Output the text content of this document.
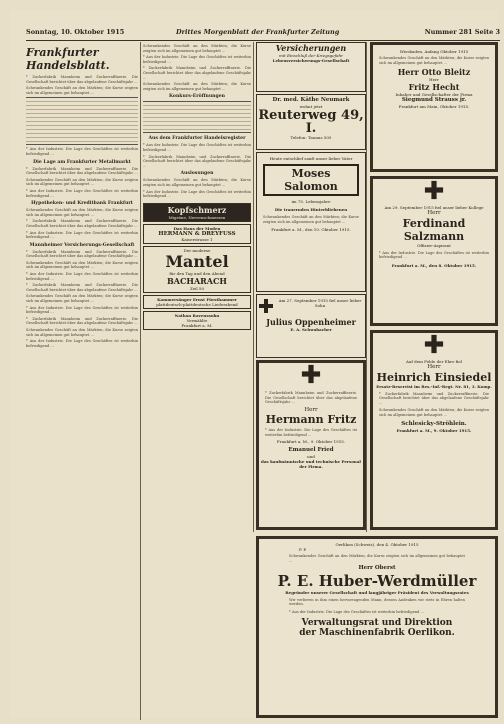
Sonntag, 10. Oktober 1915	Drittes Morgenblatt der Frankfurter Zeitung	Nummer 281 Seite 3
Frankfurter Handelsblatt.

* Zuckerfabrik Mannheim und Zuckerraffinerie. Die Gesellschaft berichtet über das abgelaufene Geschäftsjahr ...

Schwankendes Geschäft an den Märkten; die Kurse zeigten sich im allgemeinen gut behauptet ...

* Aus der Industrie. Die Lage des Geschäftes ist weiterhin befriedigend ...

Die Lage am Frankfurter Metallmarkt

* Zuckerfabrik Mannheim und Zuckerraffinerie. Die Gesellschaft berichtet über das abgelaufene Geschäftsjahr ...

Schwankendes Geschäft an den Märkten; die Kurse zeigten sich im allgemeinen gut behauptet ...

* Aus der Industrie. Die Lage des Geschäftes ist weiterhin befriedigend ...

Hypotheken- und Kreditbank Frankfurt

Schwankendes Geschäft an den Märkten; die Kurse zeigten sich im allgemeinen gut behauptet ...

* Zuckerfabrik Mannheim und Zuckerraffinerie. Die Gesellschaft berichtet über das abgelaufene Geschäftsjahr ...

* Aus der Industrie. Die Lage des Geschäftes ist weiterhin befriedigend ...

Mannheimer Versicherungs-Gesellschaft

* Zuckerfabrik Mannheim und Zuckerraffinerie. Die Gesellschaft berichtet über das abgelaufene Geschäftsjahr ...

Schwankendes Geschäft an den Märkten; die Kurse zeigten sich im allgemeinen gut behauptet ...

* Aus der Industrie. Die Lage des Geschäftes ist weiterhin befriedigend ...

* Zuckerfabrik Mannheim und Zuckerraffinerie. Die Gesellschaft berichtet über das abgelaufene Geschäftsjahr ...

Schwankendes Geschäft an den Märkten; die Kurse zeigten sich im allgemeinen gut behauptet ...

* Aus der Industrie. Die Lage des Geschäftes ist weiterhin befriedigend ...

* Zuckerfabrik Mannheim und Zuckerraffinerie. Die Gesellschaft berichtet über das abgelaufene Geschäftsjahr ...

Schwankendes Geschäft an den Märkten; die Kurse zeigten sich im allgemeinen gut behauptet ...

* Aus der Industrie. Die Lage des Geschäftes ist weiterhin befriedigend ...

Schwankendes Geschäft an den Märkten; die Kurse zeigten sich im allgemeinen gut behauptet ...

* Aus der Industrie. Die Lage des Geschäftes ist weiterhin befriedigend ...

* Zuckerfabrik Mannheim und Zuckerraffinerie. Die Gesellschaft berichtet über das abgelaufene Geschäftsjahr ...

Schwankendes Geschäft an den Märkten; die Kurse zeigten sich im allgemeinen gut behauptet ...

Konkurs-Eröffnungen
Aus dem Frankfurter Handelsregister

* Aus der Industrie. Die Lage des Geschäftes ist weiterhin befriedigend ...

* Zuckerfabrik Mannheim und Zuckerraffinerie. Die Gesellschaft berichtet über das abgelaufene Geschäftsjahr ...

Auslosungen

Schwankendes Geschäft an den Märkten; die Kurse zeigten sich im allgemeinen gut behauptet ...

* Aus der Industrie. Die Lage des Geschäftes ist weiterhin befriedigend ...

Kopfschmerz
Migräne, Nervenschmerzen
Das Haus der Moden
HERMANN & DREYFUSS
Kaiserstrasse 1
Der moderne
Mantel
für den Tag und den Abend
BACHARACH
Zeil 50
Kammersänger Ernst Fürsthammer
plattdeutsch-plattdeutsche Liederabend
Nathan Ravenssohn
Vermählte
Frankfurt a. M.
Versicherungen
mit Einschluß der Kriegsgefahr
Lebensversicherungs-Gesellschaft
Dr. med. Käthe Neumark
wohnt jetzt
Reuterweg 49, I.
Telefon: Taunus 505
Heute entschlief sanft unser lieber Vater
Moses Salomon
im 75. Lebensjahre
Die trauernden Hinterbliebenen

Schwankendes Geschäft an den Märkten; die Kurse zeigten sich im allgemeinen gut behauptet ...

Frankfurt a. M., den 10. Oktober 1915.
Am 27. September 1915 fiel unser lieber Sohn
Julius Oppenheimer
E. A. Schwabacher

* Zuckerfabrik Mannheim und Zuckerraffinerie. Die Gesellschaft berichtet über das abgelaufene Geschäftsjahr ...

Herr
Hermann Fritz

* Aus der Industrie. Die Lage des Geschäftes ist weiterhin befriedigend ...

Frankfurt a. M., 9. Oktober 1915.
Emanuel Fried
und
das kaufmännische und technische Personal der Firma.
Wiesbaden, Anfang Oktober 1915

Schwankendes Geschäft an den Märkten; die Kurse zeigten sich im allgemeinen gut behauptet ...

Herr Otto Bleitz
Herr
Fritz Hecht
Inhaber und Gesellschafter der Firma
Siegmund Strauss jr.
Frankfurt am Main, Oktober 1915.
Am 29. September 1915 fiel unser lieber Kollege
Herr
Ferdinand Salzmann
Offizier-Aspirant

* Aus der Industrie. Die Lage des Geschäftes ist weiterhin befriedigend ...

Frankfurt a. M., den 8. Oktober 1915.
Auf dem Felde der Ehre fiel
Herr
Heinrich Einsiedel
Ersatz-Reservist im Res.-Inf.-Regt. Nr. 81, 3. Komp.

* Zuckerfabrik Mannheim und Zuckerraffinerie. Die Gesellschaft berichtet über das abgelaufene Geschäftsjahr ...

Schwankendes Geschäft an den Märkten; die Kurse zeigten sich im allgemeinen gut behauptet ...

Schlesicky-Ströhlein.
Frankfurt a. M., 9. Oktober 1915.
Oerlikon (Schweiz), den 4. Oktober 1915
P. P.

Schwankendes Geschäft an den Märkten; die Kurse zeigten sich im allgemeinen gut behauptet ...

Herr Oberst
P. E. Huber-Werdmüller
Begründer unserer Gesellschaft und langjähriger Präsident des Verwaltungsrates

Wir verlieren in ihm einen hervorragenden Mann, dessen Andenken wir stets in Ehren halten werden.

* Aus der Industrie. Die Lage des Geschäftes ist weiterhin befriedigend ...

Verwaltungsrat und Direktion
der Maschinenfabrik Oerlikon.
